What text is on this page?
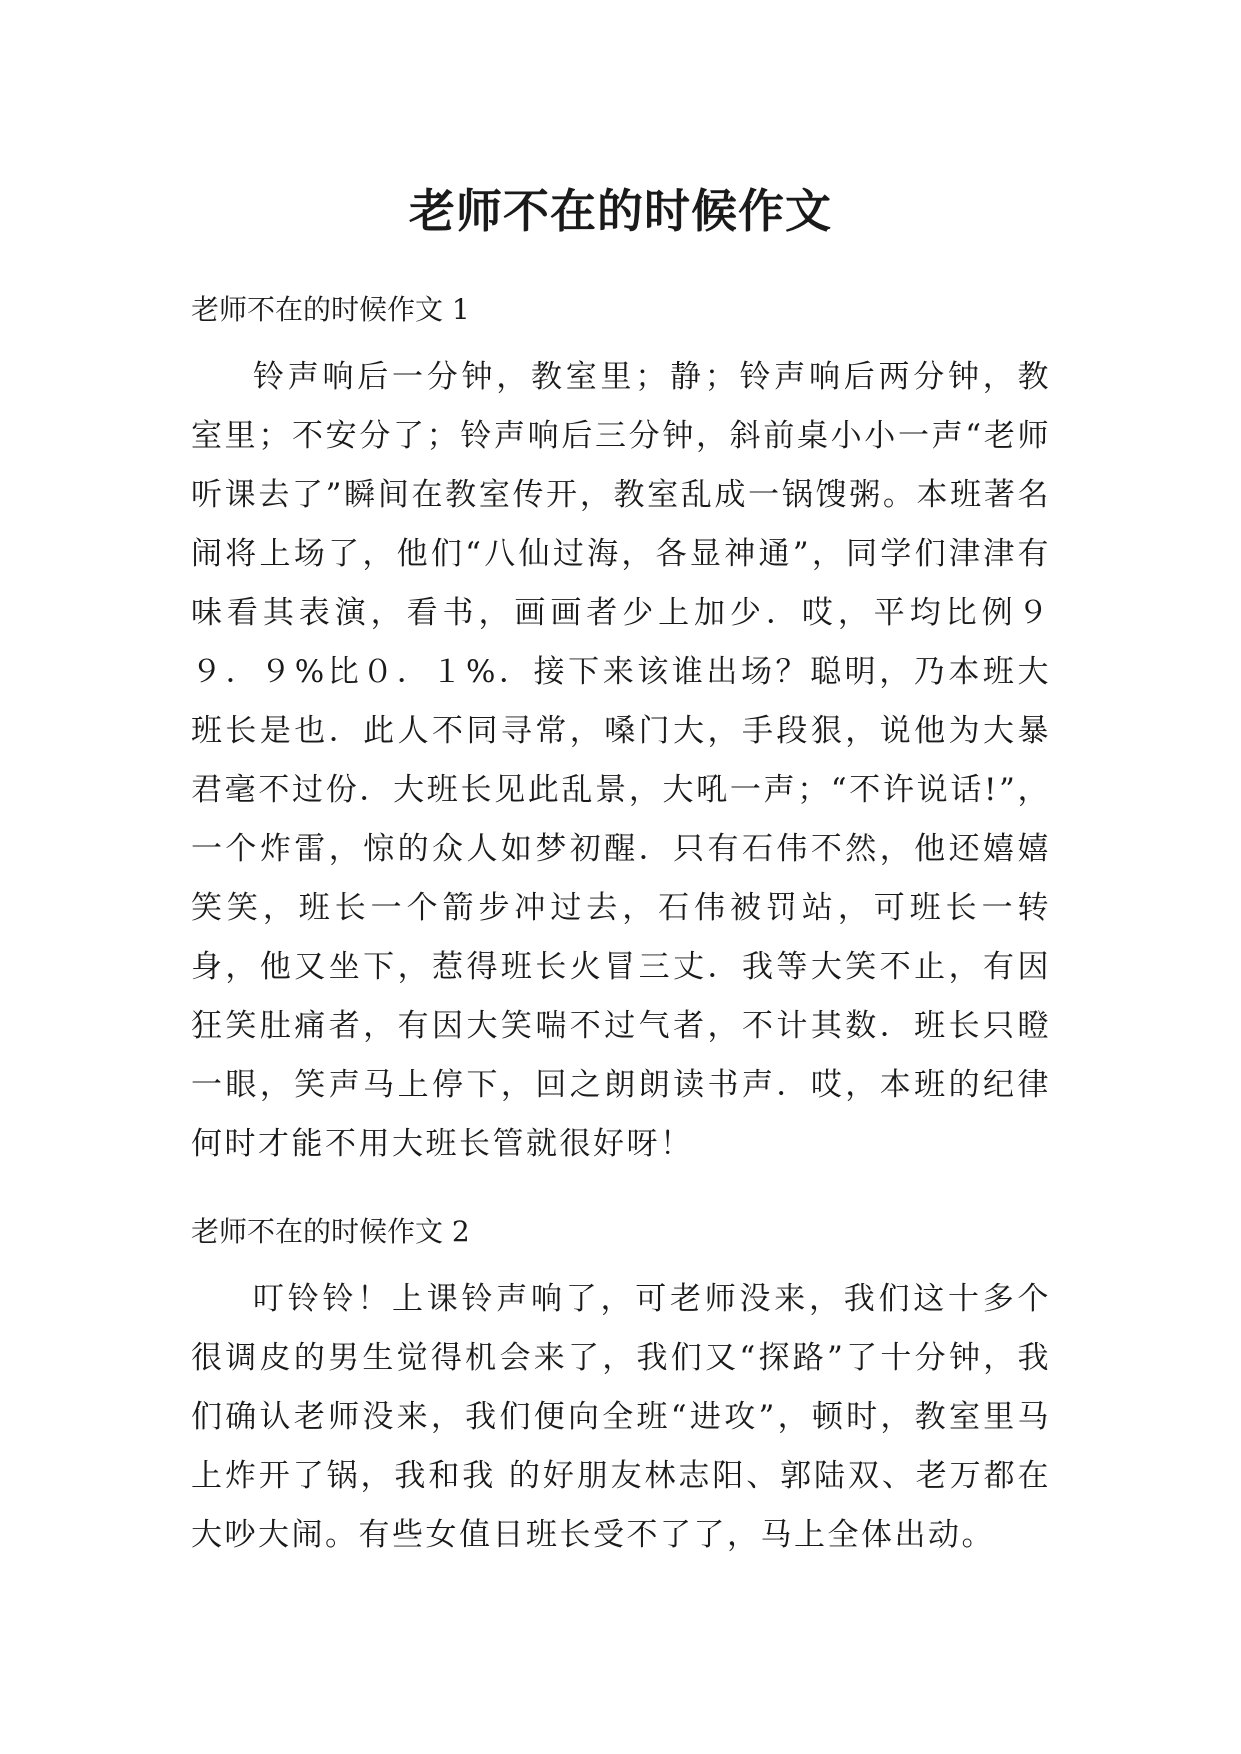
老师不在的时候作文
老师不在的时候作文 1

铃声响后一分钟，教室里；静；铃声响后两分钟，教室里；不安分了；铃声响后三分钟，斜前桌小小一声“老师听课去了”瞬间在教室传开，教室乱成一锅馊粥。本班著名闹将上场了，他们“八仙过海，各显神通”，同学们津津有味看其表演，看书，画画者少上加少．哎，平均比例９９．９%比０．１%．接下来该谁出场？聪明，乃本班大班长是也．此人不同寻常，嗓门大，手段狠，说他为大暴君毫不过份．大班长见此乱景，大吼一声；“不许说话!”，一个炸雷，惊的众人如梦初醒．只有石伟不然，他还嬉嬉笑笑，班长一个箭步冲过去，石伟被罚站，可班长一转身，他又坐下，惹得班长火冒三丈．我等大笑不止，有因狂笑肚痛者，有因大笑喘不过气者，不计其数．班长只瞪一眼，笑声马上停下，回之朗朗读书声．哎，本班的纪律何时才能不用大班长管就很好呀！

老师不在的时候作文 2

叮铃铃！上课铃声响了，可老师没来，我们这十多个很调皮的男生觉得机会来了，我们又“探路”了十分钟，我们确认老师没来，我们便向全班“进攻”，顿时，教室里马上炸开了锅，我和我 的好朋友林志阳、郭陆双、老万都在大吵大闹。有些女值日班长受不了了，马上全体出动。
